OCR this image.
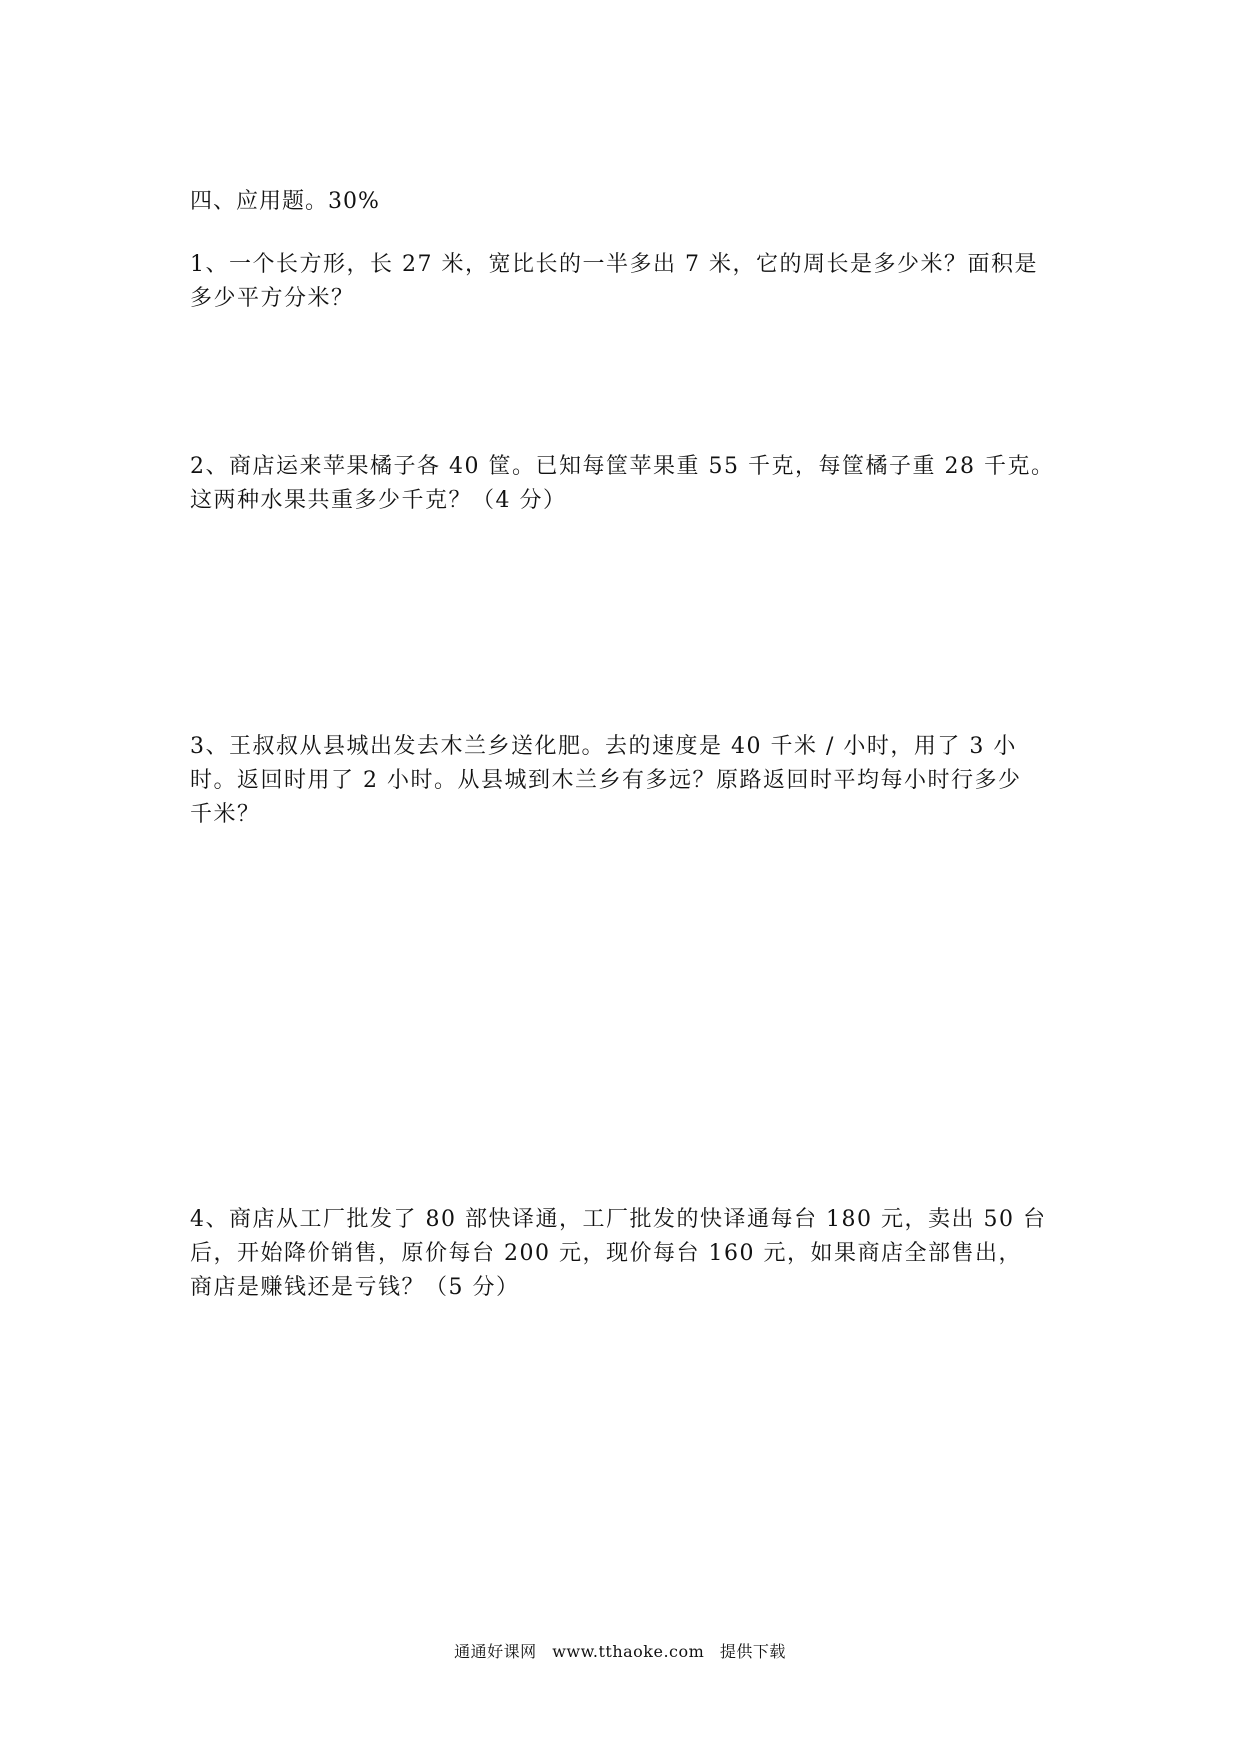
四、应用题。30%
1、一个长方形，长 27 米，宽比长的一半多出 7 米，它的周长是多少米？面积是
多少平方分米？
2、商店运来苹果橘子各 40 筐。已知每筐苹果重 55 千克，每筐橘子重 28 千克。
这两种水果共重多少千克？（4 分）
3、王叔叔从县城出发去木兰乡送化肥。去的速度是 40 千米 / 小时，用了 3 小
时。返回时用了 2 小时。从县城到木兰乡有多远？原路返回时平均每小时行多少
千米？
4、商店从工厂批发了 80 部快译通，工厂批发的快译通每台 180 元，卖出 50 台
后，开始降价销售，原价每台 200 元，现价每台 160 元，如果商店全部售出，
商店是赚钱还是亏钱？（5 分）
通通好课网 www.tthaoke.com 提供下载
